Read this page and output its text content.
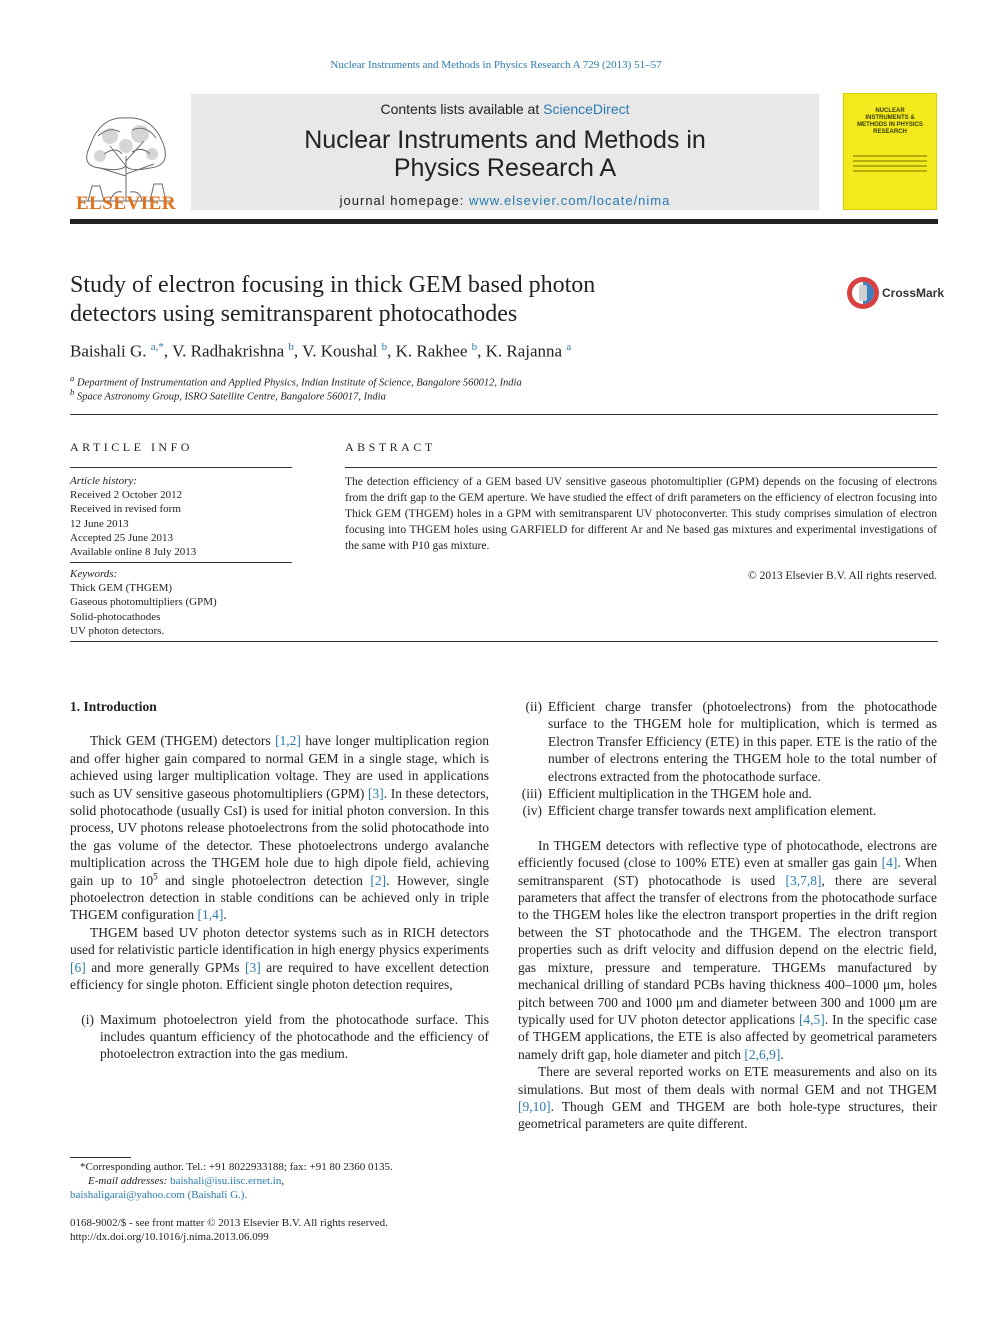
Nuclear Instruments and Methods in Physics Research A 729 (2013) 51–57
ELSEVIER
Contents lists available at ScienceDirect
Nuclear Instruments and Methods in
Physics Research A
journal homepage: www.elsevier.com/locate/nima
NUCLEAR INSTRUMENTS & METHODS IN PHYSICS RESEARCH
Study of electron focusing in thick GEM based photon
detectors using semitransparent photocathodes
CrossMark
Baishali G. $^{a,*}$, V. Radhakrishna $^b$, V. Koushal $^b$, K. Rakhee $^b$, K. Rajanna $^a$
$^a$ Department of Instrumentation and Applied Physics, Indian Institute of Science, Bangalore 560012, India
$^b$ Space Astronomy Group, ISRO Satellite Centre, Bangalore 560017, India
ARTICLE INFO
Article history:
Received 2 October 2012
Received in revised form
12 June 2013
Accepted 25 June 2013
Available online 8 July 2013
Keywords:
Thick GEM (THGEM)
Gaseous photomultipliers (GPM)
Solid-photocathodes
UV photon detectors.
ABSTRACT
The detection efficiency of a GEM based UV sensitive gaseous photomultiplier (GPM) depends on the focusing of electrons from the drift gap to the GEM aperture. We have studied the effect of drift parameters on the efficiency of electron focusing into Thick GEM (THGEM) holes in a GPM with semitransparent UV photoconverter. This study comprises simulation of electron focusing into THGEM holes using GARFIELD for different Ar and Ne based gas mixtures and experimental investigations of the same with P10 gas mixture.
© 2013 Elsevier B.V. All rights reserved.
1. Introduction

Thick GEM (THGEM) detectors [1,2] have longer multiplication region and offer higher gain compared to normal GEM in a single stage, which is achieved using larger multiplication voltage. They are used in applications such as UV sensitive gaseous photomultipliers (GPM) [3]. In these detectors, solid photocathode (usually CsI) is used for initial photon conversion. In this process, UV photons release photoelectrons from the solid photocathode into the gas volume of the detector. These photoelectrons undergo avalanche multiplication across the THGEM hole due to high dipole field, achieving gain up to $10^5$ and single photoelectron detection [2]. However, single photoelectron detection in stable conditions can be achieved only in triple THGEM configuration [1,4].

THGEM based UV photon detector systems such as in RICH detectors used for relativistic particle identification in high energy physics experiments [6] and more generally GPMs [3] are required to have excellent detection efficiency for single photon. Efficient single photon detection requires,

(i) Maximum photoelectron yield from the photocathode surface. This includes quantum efficiency of the photocathode and the efficiency of photoelectron extraction into the gas medium.
*Corresponding author. Tel.: +91 8022933188; fax: +91 80 2360 0135.
E-mail addresses: baishali@isu.iisc.ernet.in,
baishaligarai@yahoo.com (Baishali G.).
0168-9002/$ - see front matter © 2013 Elsevier B.V. All rights reserved.
http://dx.doi.org/10.1016/j.nima.2013.06.099
(ii) Efficient charge transfer (photoelectrons) from the photocathode surface to the THGEM hole for multiplication, which is termed as Electron Transfer Efficiency (ETE) in this paper. ETE is the ratio of the number of electrons entering the THGEM hole to the total number of electrons extracted from the photocathode surface.
(iii) Efficient multiplication in the THGEM hole and.
(iv) Efficient charge transfer towards next amplification element.

In THGEM detectors with reflective type of photocathode, electrons are efficiently focused (close to 100% ETE) even at smaller gas gain [4]. When semitransparent (ST) photocathode is used [3,7,8], there are several parameters that affect the transfer of electrons from the photocathode surface to the THGEM holes like the electron transport properties in the drift region between the ST photocathode and the THGEM. The electron transport properties such as drift velocity and diffusion depend on the electric field, gas mixture, pressure and temperature. THGEMs manufactured by mechanical drilling of standard PCBs having thickness 400–1000 μm, holes pitch between 700 and 1000 μm and diameter between 300 and 1000 μm are typically used for UV photon detector applications [4,5]. In the specific case of THGEM applications, the ETE is also affected by geometrical parameters namely drift gap, hole diameter and pitch [2,6,9].

There are several reported works on ETE measurements and also on its simulations. But most of them deals with normal GEM and not THGEM [9,10]. Though GEM and THGEM are both hole-type structures, their geometrical parameters are quite different.
